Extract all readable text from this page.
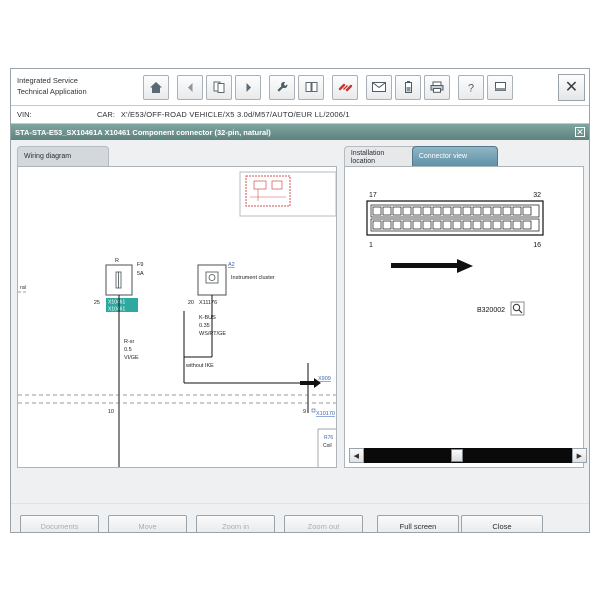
Integrated Service
Technical Application	?	✕
VIN:	CAR: X'/E53/OFF-ROAD VEHICLE/X5 3.0d/M57/AUTO/EUR LL/2006/1
STA-STA-E53_SX10461A X10461 Component connector (32-pin, natural)	✕
Wiring diagram
nsl
R
F9
5A
A2
Instrument cluster
25 X10461
X10461
20 X11176
K-BUS
0.35
WS/RT/GE
without IKE
R-sr
0.5
VI/GE
10	9
X909
X10170
R76
Coil
Installation
location
Connector view
17	32
1	16
B320002
◀	▶
Documents	Move	Zoom in	Zoom out	Full screen	Close
